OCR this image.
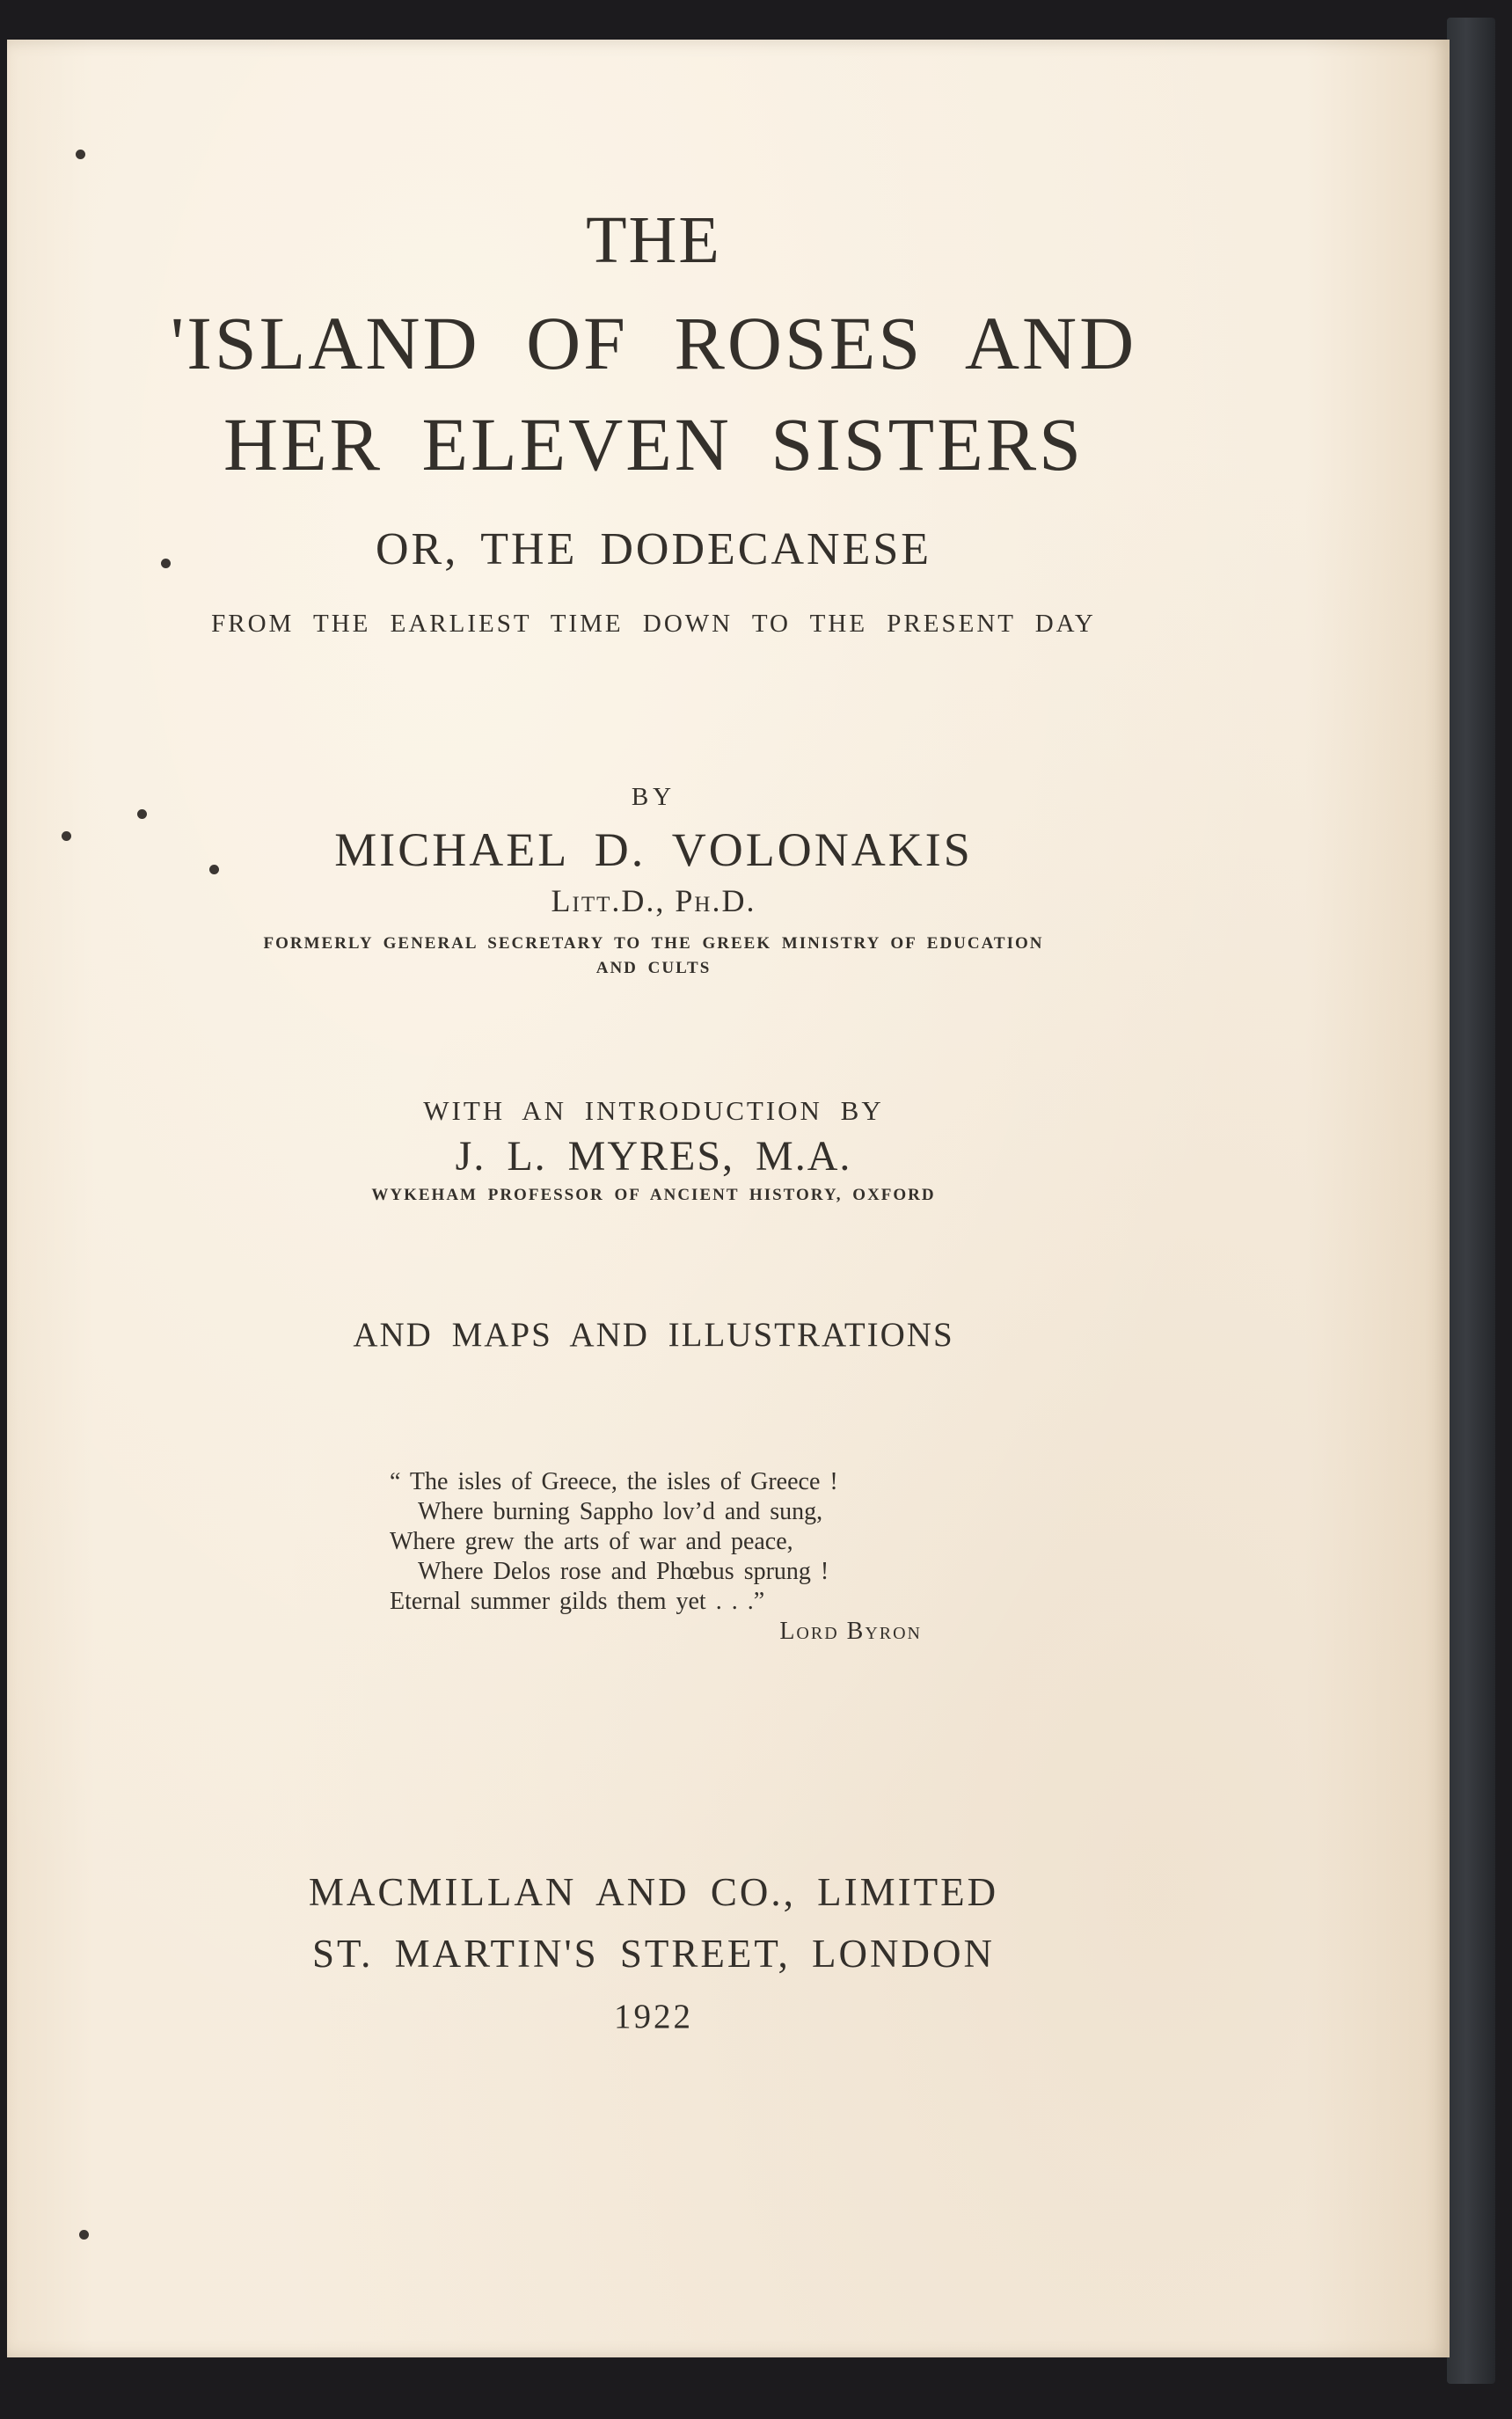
THE
'ISLAND OF ROSES AND
HER ELEVEN SISTERS
OR, THE DODECANESE
FROM THE EARLIEST TIME DOWN TO THE PRESENT DAY
BY
MICHAEL D. VOLONAKIS
Litt.D., Ph.D.
FORMERLY GENERAL SECRETARY TO THE GREEK MINISTRY OF EDUCATION
AND CULTS
WITH AN INTRODUCTION BY
J. L. MYRES, M.A.
WYKEHAM PROFESSOR OF ANCIENT HISTORY, OXFORD
AND MAPS AND ILLUSTRATIONS
“ The isles of Greece, the isles of Greece !
Where burning Sappho lov’d and sung,
Where grew the arts of war and peace,
Where Delos rose and Phœbus sprung !
Eternal summer gilds them yet . . .”
Lord Byron
MACMILLAN AND CO., LIMITED
ST. MARTIN'S STREET, LONDON
1922
